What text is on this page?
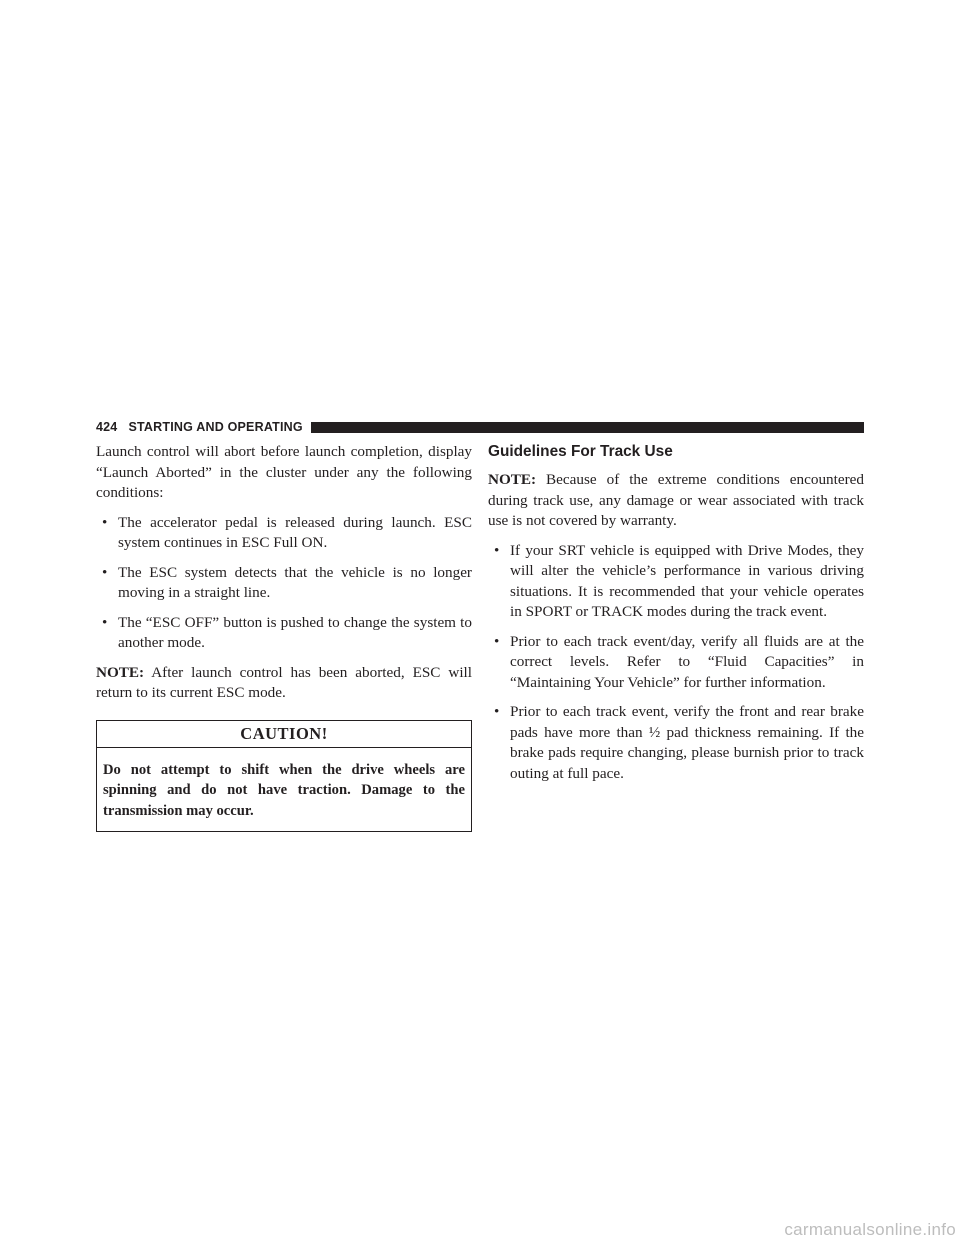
424 STARTING AND OPERATING

Launch control will abort before launch completion, display “Launch Aborted” in the cluster under any the following conditions:

• The accelerator pedal is released during launch. ESC system continues in ESC Full ON.
• The ESC system detects that the vehicle is no longer moving in a straight line.
• The “ESC OFF” button is pushed to change the system to another mode.

NOTE: After launch control has been aborted, ESC will return to its current ESC mode.

CAUTION!
Do not attempt to shift when the drive wheels are spinning and do not have traction. Damage to the transmission may occur.
Guidelines For Track Use

NOTE: Because of the extreme conditions encountered during track use, any damage or wear associated with track use is not covered by warranty.

• If your SRT vehicle is equipped with Drive Modes, they will alter the vehicle’s performance in various driving situations. It is recommended that your vehicle operates in SPORT or TRACK modes during the track event.
• Prior to each track event/day, verify all fluids are at the correct levels. Refer to “Fluid Capacities” in “Maintaining Your Vehicle” for further information.
• Prior to each track event, verify the front and rear brake pads have more than ½ pad thickness remaining. If the brake pads require changing, please burnish prior to track outing at full pace.
carmanualsonline.info
